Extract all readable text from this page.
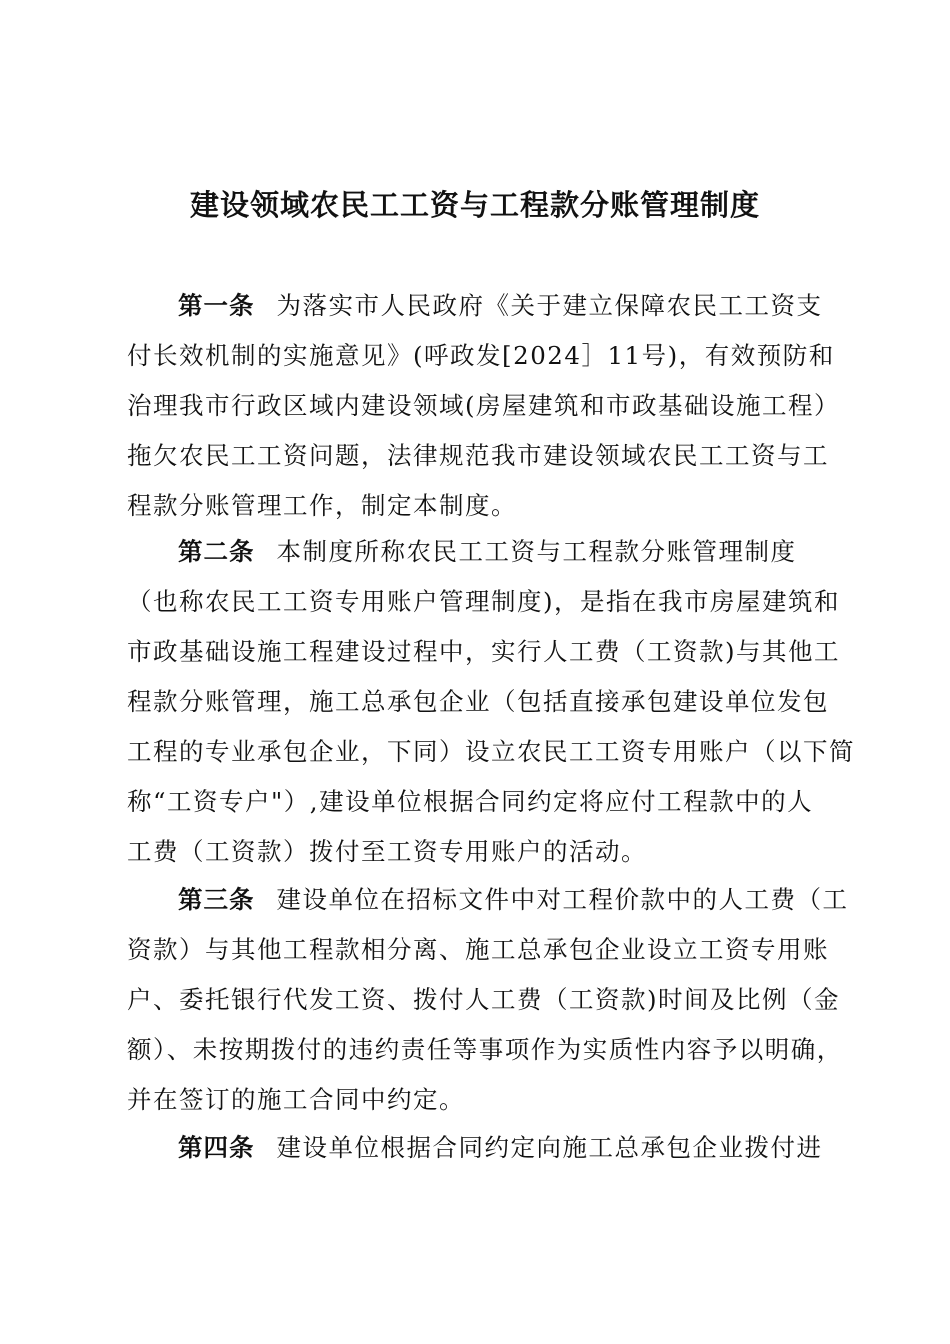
建设领域农民工工资与工程款分账管理制度
第一条 为落实市人民政府《关于建立保障农民工工资支
付长效机制的实施意见》(呼政发[2024］11号)，有效预防和
治理我市行政区域内建设领域(房屋建筑和市政基础设施工程）
拖欠农民工工资问题，法律规范我市建设领域农民工工资与工
程款分账管理工作，制定本制度。
第二条 本制度所称农民工工资与工程款分账管理制度
（也称农民工工资专用账户管理制度)，是指在我市房屋建筑和
市政基础设施工程建设过程中，实行人工费（工资款)与其他工
程款分账管理，施工总承包企业（包括直接承包建设单位发包
工程的专业承包企业，下同）设立农民工工资专用账户（以下简
称“工资专户"）,建设单位根据合同约定将应付工程款中的人
工费（工资款）拨付至工资专用账户的活动。
第三条 建设单位在招标文件中对工程价款中的人工费（工
资款）与其他工程款相分离、施工总承包企业设立工资专用账
户、委托银行代发工资、拨付人工费（工资款)时间及比例（金
额）、未按期拨付的违约责任等事项作为实质性内容予以明确，
并在签订的施工合同中约定。
第四条 建设单位根据合同约定向施工总承包企业拨付进
